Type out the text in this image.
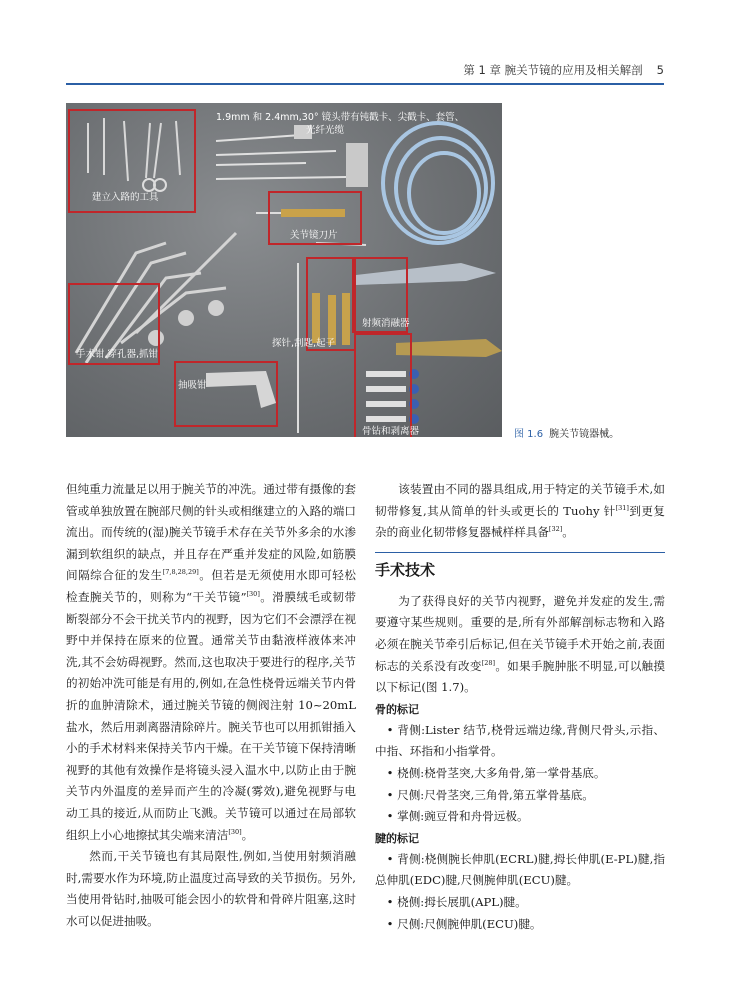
第 1 章 腕关节镜的应用及相关解剖 5
1.9mm 和 2.4mm,30° 镜头带有钝戳卡、尖戳卡、套管、
光纤光缆
建立入路的工具
关节镜刀片
手术钳,穿孔器,抓钳
探针,刮匙,起子
射频消融器
抽吸钳
骨钻和剥离器	图 1.6 腕关节镜器械。

但纯重力流量足以用于腕关节的冲洗。通过带有摄像的套管或单独放置在腕部尺侧的针头或相继建立的入路的端口流出。而传统的(湿)腕关节镜手术存在关节外多余的水渗漏到软组织的缺点，并且存在严重并发症的风险,如筋膜间隔综合征的发生[7,8,28,29]。但若是无须使用水即可轻松检查腕关节的，则称为“干关节镜”[30]。滑膜绒毛或韧带断裂部分不会干扰关节内的视野，因为它们不会漂浮在视野中并保持在原来的位置。通常关节由黏液样液体来冲洗,其不会妨碍视野。然而,这也取决于要进行的程序,关节的初始冲洗可能是有用的,例如,在急性桡骨远端关节内骨折的血肿清除术，通过腕关节镜的侧阀注射 10~20mL 盐水，然后用剥离器清除碎片。腕关节也可以用抓钳插入小的手术材料来保持关节内干燥。在干关节镜下保持清晰视野的其他有效操作是将镜头浸入温水中,以防止由于腕关节内外温度的差异而产生的冷凝(雾效),避免视野与电动工具的接近,从而防止飞溅。关节镜可以通过在局部软组织上小心地擦拭其尖端来清洁[30]。

然而,干关节镜也有其局限性,例如,当使用射频消融时,需要水作为环境,防止温度过高导致的关节损伤。另外,当使用骨钻时,抽吸可能会因小的软骨和骨碎片阻塞,这时水可以促进抽吸。

该装置由不同的器具组成,用于特定的关节镜手术,如韧带修复,其从简单的针头或更长的 Tuohy 针[31]到更复杂的商业化韧带修复器械样样具备[32]。

手术技术

为了获得良好的关节内视野，避免并发症的发生,需要遵守某些规则。重要的是,所有外部解剖标志物和入路必须在腕关节牵引后标记,但在关节镜手术开始之前,表面标志的关系没有改变[28]。如果手腕肿胀不明显,可以触摸以下标记(图 1.7)。

骨的标记

• 背侧:Lister 结节,桡骨远端边缘,背侧尺骨头,示指、中指、环指和小指掌骨。

• 桡侧:桡骨茎突,大多角骨,第一掌骨基底。

• 尺侧:尺骨茎突,三角骨,第五掌骨基底。

• 掌侧:豌豆骨和舟骨远极。

腱的标记

• 背侧:桡侧腕长伸肌(ECRL)腱,拇长伸肌(E-PL)腱,指总伸肌(EDC)腱,尺侧腕伸肌(ECU)腱。

• 桡侧:拇长展肌(APL)腱。

• 尺侧:尺侧腕伸肌(ECU)腱。
